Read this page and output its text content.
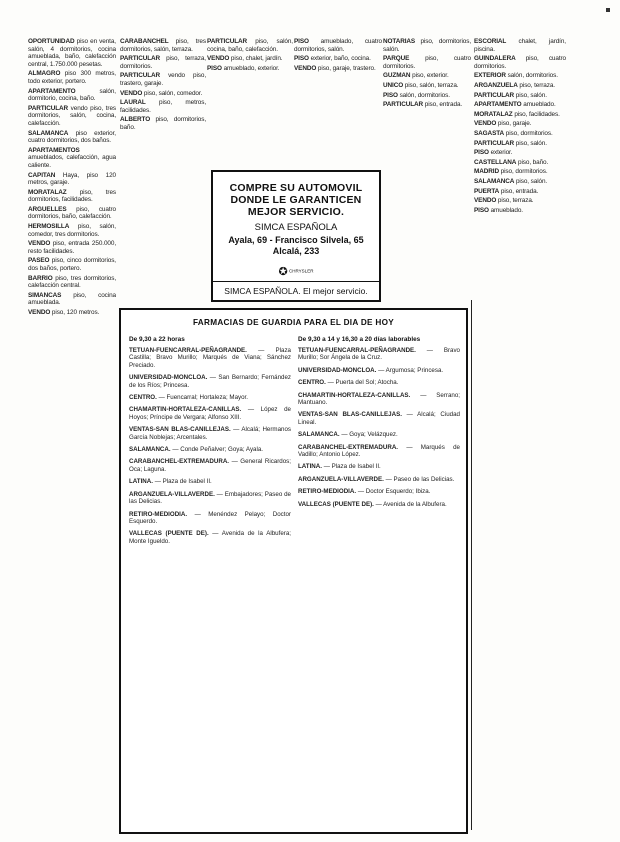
OPORTUNIDAD piso en venta, salón, 4 dormitorios, cocina amueblada, baño, calefacción central, 1.750.000 pesetas.
ALMAGRO piso 300 metros, todo exterior, portero.
APARTAMENTO	salón, dormitorio, cocina, baño.
PARTICULAR vendo piso, tres dormitorios, salón, cocina, calefacción.
SALAMANCA piso exterior, cuatro dormitorios, dos baños.
APARTAMENTOS amueblados, calefacción, agua caliente.
CAPITAN Haya, piso 120 metros, garaje.
MORATALAZ piso, tres dormitorios, facilidades.
ARGUELLES piso, cuatro dormitorios, baño, calefacción.
HERMOSILLA piso, salón, comedor, tres dormitorios.
VENDO piso, entrada 250.000, resto facilidades.
PASEO piso, cinco dormitorios, dos baños, portero.
BARRIO piso, tres dormitorios, calefacción central.
SIMANCAS piso, cocina amueblada.
VENDO piso, 120 metros.
CARABANCHEL piso, tres dormitorios, salón, terraza.
PARTICULAR piso, terraza, dormitorios.
PARTICULAR vendo piso, trastero, garaje.
VENDO piso, salón, comedor.
LAURAL piso, metros, facilidades.
ALBERTO piso, dormitorios, baño.
PARTICULAR piso, salón, cocina, baño, calefacción.
VENDO piso, chalet, jardín.
PISO amueblado, exterior.
PISO amueblado, cuatro dormitorios, salón.
PISO exterior, baño, cocina.
VENDO piso, garaje, trastero.
NOTARIAS piso, dormitorios, salón.
PARQUE piso, cuatro dormitorios.
GUZMAN piso, exterior.
UNICO piso, salón, terraza.
PISO salón, dormitorios.
PARTICULAR piso, entrada.
ESCORIAL chalet, jardín, piscina.
GUINDALERA piso, cuatro dormitorios.
EXTERIOR salón, dormitorios.
ARGANZUELA piso, terraza.
PARTICULAR piso, salón.
APARTAMENTO amueblado.
MORATALAZ piso, facilidades.
VENDO piso, garaje.
SAGASTA piso, dormitorios.
PARTICULAR piso, salón.
PISO exterior.
CASTELLANA piso, baño.
MADRID piso, dormitorios.
SALAMANCA piso, salón.
PUERTA piso, entrada.
VENDO piso, terraza.
PISO amueblado.
COMPRE SU AUTOMOVIL
DONDE LE GARANTICEN
MEJOR SERVICIO.
SIMCA ESPAÑOLA
Ayala, 69 - Francisco Silvela, 65
Alcalá, 233
✪ CHRYSLER
SIMCA ESPAÑOLA. El mejor servicio.
FARMACIAS DE GUARDIA PARA EL DIA DE HOY
De 9,30 a 22 horas
TETUAN-FUENCARRAL-PEÑAGRANDE. — Plaza Castilla; Bravo Murillo; Marqués de Viana; Sánchez Preciado.
UNIVERSIDAD-MONCLOA. — San Bernardo; Fernández de los Ríos; Princesa.
CENTRO. — Fuencarral; Hortaleza; Mayor.
CHAMARTIN-HORTALEZA-CANILLAS. — López de Hoyos; Príncipe de Vergara; Alfonso XIII.
VENTAS-SAN BLAS-CANILLEJAS. — Alcalá; Hermanos García Noblejas; Arcentales.
SALAMANCA. — Conde Peñalver; Goya; Ayala.
CARABANCHEL-EXTREMADURA. — General Ricardos; Oca; Laguna.
LATINA. — Plaza de Isabel II.
ARGANZUELA-VILLAVERDE. — Embajadores; Paseo de las Delicias.
RETIRO-MEDIODIA. — Menéndez Pelayo; Doctor Esquerdo.
VALLECAS (PUENTE DE). — Avenida de la Albufera; Monte Igueldo.
De 9,30 a 14 y 16,30 a 20 días laborables
TETUAN-FUENCARRAL-PEÑAGRANDE. — Bravo Murillo; Sor Ángela de la Cruz.
UNIVERSIDAD-MONCLOA. — Argumosa; Princesa.
CENTRO. — Puerta del Sol; Atocha.
CHAMARTIN-HORTALEZA-CANILLAS. — Serrano; Mantuano.
VENTAS-SAN BLAS-CANILLEJAS. — Alcalá; Ciudad Lineal.
SALAMANCA. — Goya; Velázquez.
CARABANCHEL-EXTREMADURA. — Marqués de Vadillo; Antonio López.
LATINA. — Plaza de Isabel II.
ARGANZUELA-VILLAVERDE. — Paseo de las Delicias.
RETIRO-MEDIODIA. — Doctor Esquerdo; Ibiza.
VALLECAS (PUENTE DE). — Avenida de la Albufera.
